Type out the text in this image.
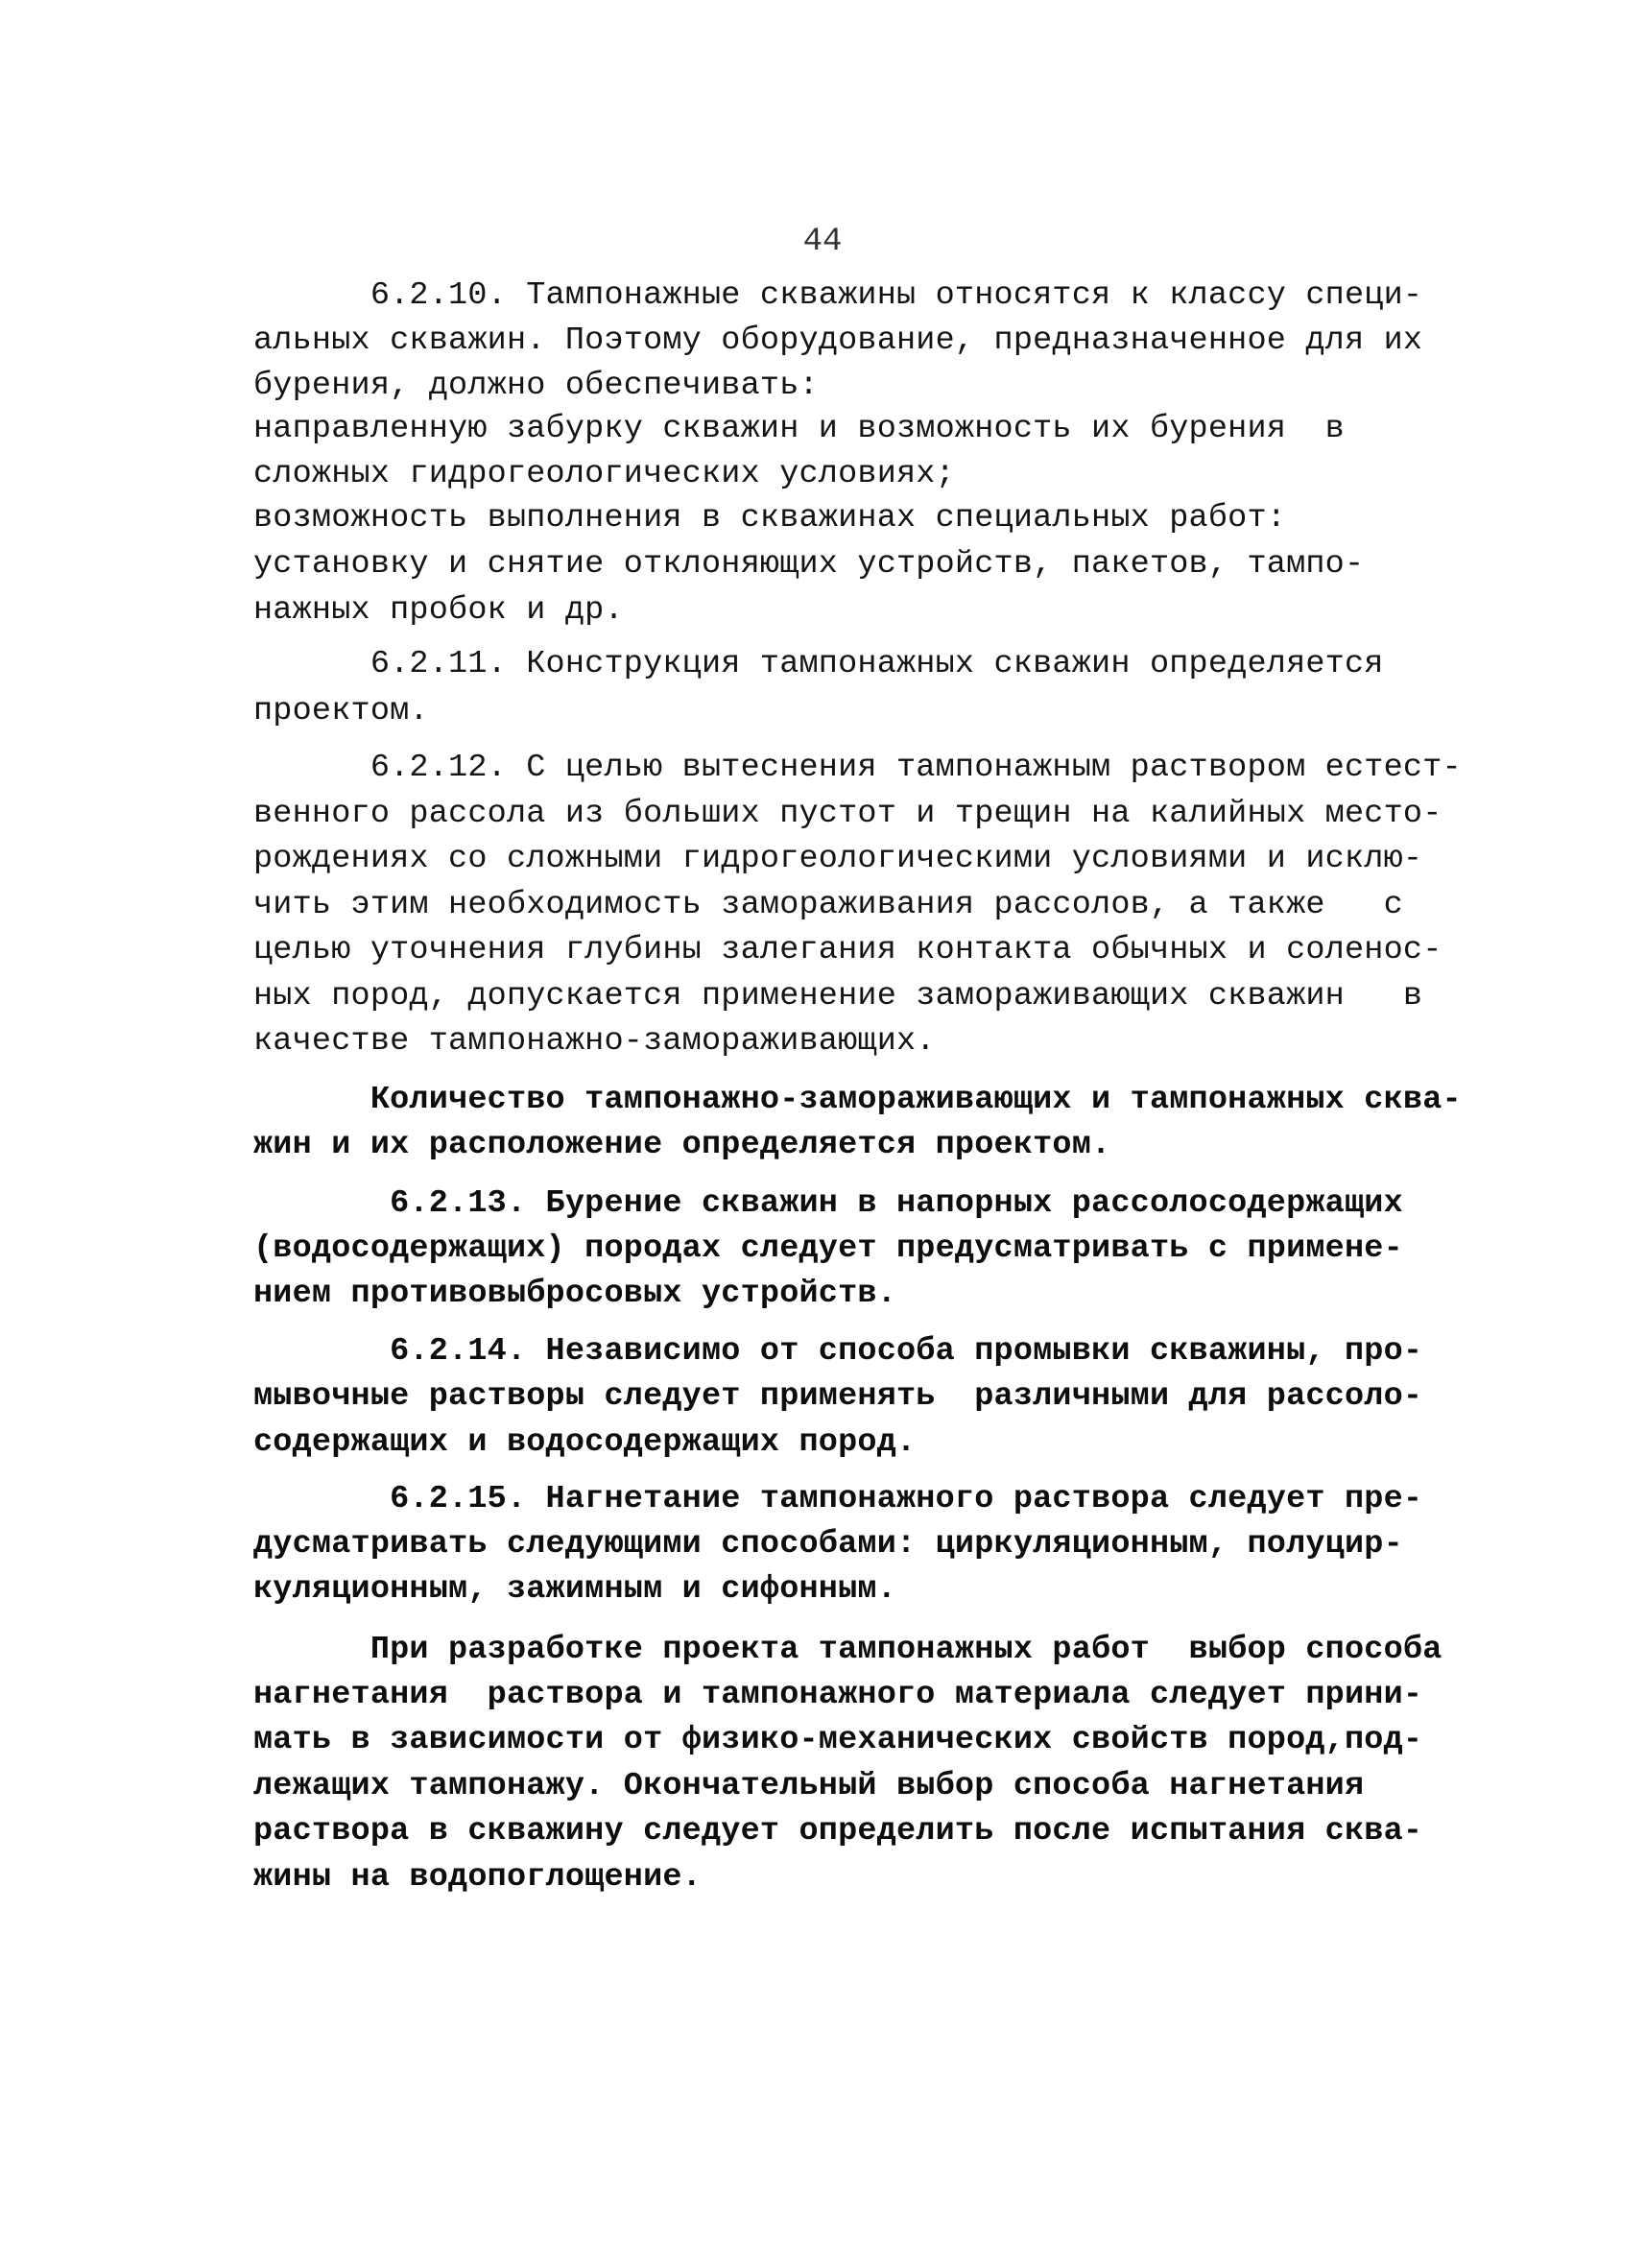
44
6.2.10. Тампонажные скважины относятся к классу специ-
альных скважин. Поэтому оборудование, предназначенное для их
бурения, должно обеспечивать:
направленную забурку скважин и возможность их бурения  в
сложных гидрогеологических условиях;
возможность выполнения в скважинах специальных работ:
установку и снятие отклоняющих устройств, пакетов, тампо-
нажных пробок и др.
6.2.11. Конструкция тампонажных скважин определяется
проектом.
6.2.12. С целью вытеснения тампонажным раствором естест-
венного рассола из больших пустот и трещин на калийных место-
рождениях со сложными гидрогеологическими условиями и исклю-
чить этим необходимость замораживания рассолов, а также   с
целью уточнения глубины залегания контакта обычных и соленос-
ных пород, допускается применение замораживающих скважин   в
качестве тампонажно-замораживающих.
Количество тампонажно-замораживающих и тампонажных сква-
жин и их расположение определяется проектом.
6.2.13. Бурение скважин в напорных рассолосодержащих
(водосодержащих) породах следует предусматривать с примене-
нием противовыбросовых устройств.
6.2.14. Независимо от способа промывки скважины, про-
мывочные растворы следует применять  различными для рассоло-
содержащих и водосодержащих пород.
6.2.15. Нагнетание тампонажного раствора следует пре-
дусматривать следующими способами: циркуляционным, полуцир-
куляционным, зажимным и сифонным.
При разработке проекта тампонажных работ  выбор способа
нагнетания  раствора и тампонажного материала следует прини-
мать в зависимости от физико-механических свойств пород,под-
лежащих тампонажу. Окончательный выбор способа нагнетания
раствора в скважину следует определить после испытания сква-
жины на водопоглощение.
